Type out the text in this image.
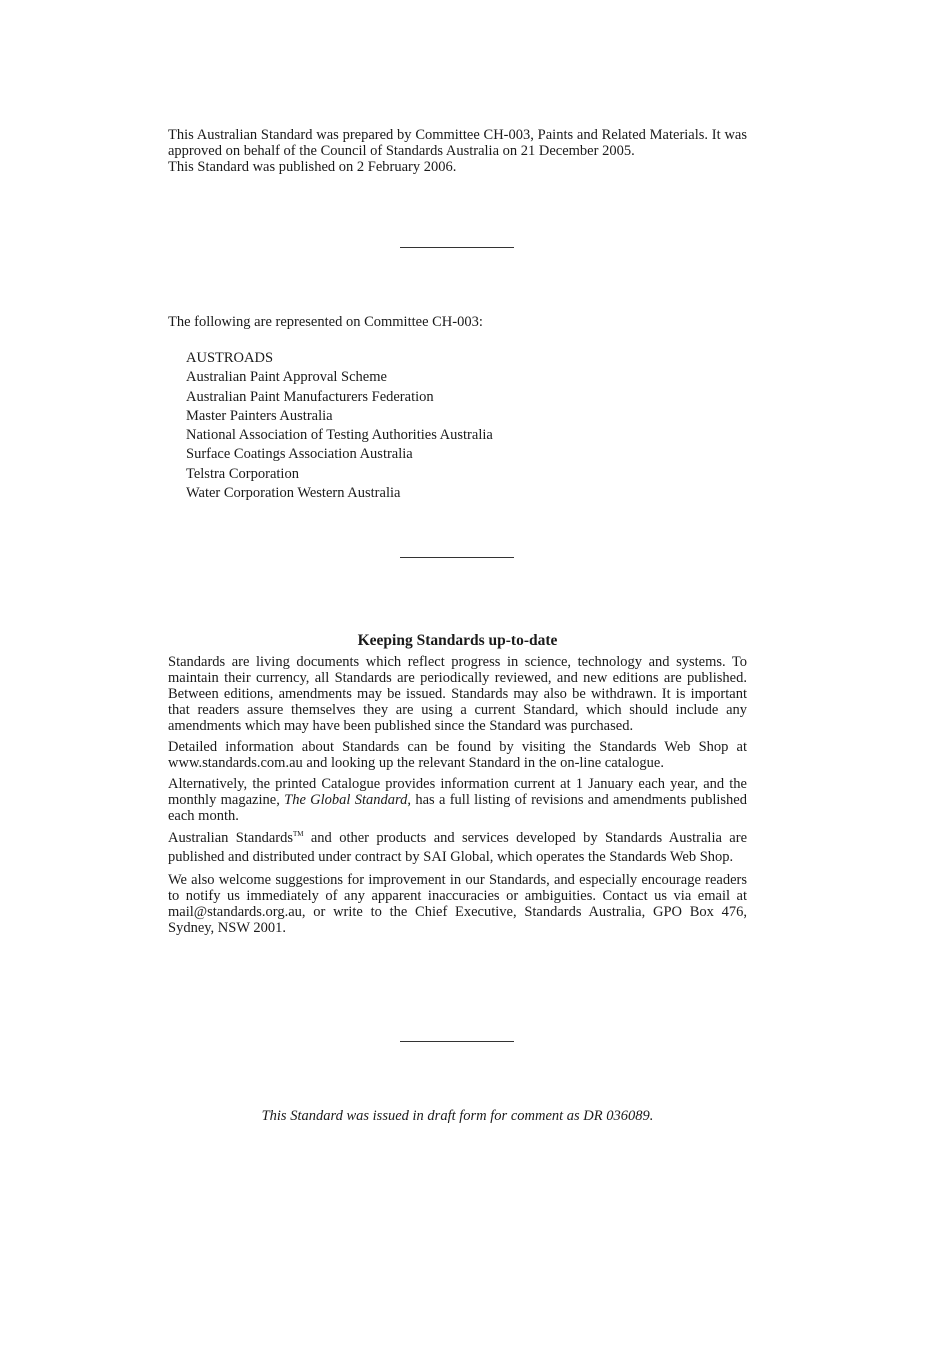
This Australian Standard was prepared by Committee CH-003, Paints and Related Materials. It was approved on behalf of the Council of Standards Australia on 21 December 2005.

This Standard was published on 2 February 2006.

The following are represented on Committee CH-003:

AUSTROADS
Australian Paint Approval Scheme
Australian Paint Manufacturers Federation
Master Painters Australia
National Association of Testing Authorities Australia
Surface Coatings Association Australia
Telstra Corporation
Water Corporation Western Australia
Keeping Standards up-to-date

Standards are living documents which reflect progress in science, technology and systems. To maintain their currency, all Standards are periodically reviewed, and new editions are published. Between editions, amendments may be issued. Standards may also be withdrawn. It is important that readers assure themselves they are using a current Standard, which should include any amendments which may have been published since the Standard was purchased.

Detailed information about Standards can be found by visiting the Standards Web Shop at www.standards.com.au and looking up the relevant Standard in the on-line catalogue.

Alternatively, the printed Catalogue provides information current at 1 January each year, and the monthly magazine, The Global Standard, has a full listing of revisions and amendments published each month.

Australian Standards™ and other products and services developed by Standards Australia are published and distributed under contract by SAI Global, which operates the Standards Web Shop.

We also welcome suggestions for improvement in our Standards, and especially encourage readers to notify us immediately of any apparent inaccuracies or ambiguities. Contact us via email at mail@standards.org.au, or write to the Chief Executive, Standards Australia, GPO Box 476, Sydney, NSW 2001.

This Standard was issued in draft form for comment as DR 036089.
